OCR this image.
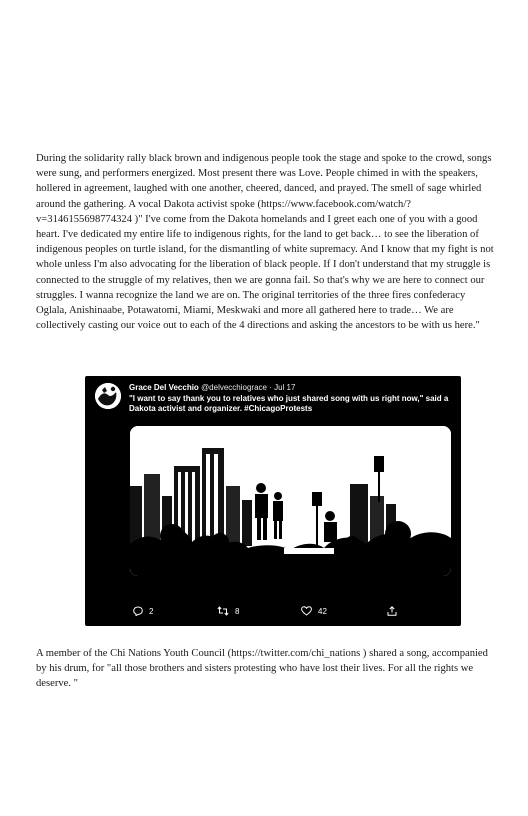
During the solidarity rally black brown and indigenous people took the stage and spoke to the crowd, songs were sung, and performers energized. Most present there was Love. People chimed in with the speakers, hollered in agreement, laughed with one another, cheered, danced, and prayed. The smell of sage whirled around the gathering. A vocal Dakota activist spoke (https://www.facebook.com/watch/?v=3146155698774324 )" I've come from the Dakota homelands and I greet each one of you with a good heart. I've dedicated my entire life to indigenous rights, for the land to get back… to see the liberation of indigenous peoples on turtle island, for the dismantling of white supremacy. And I know that my fight is not whole unless I'm also advocating for the liberation of black people. If I don't understand that my struggle is connected to the struggle of my relatives, then we are gonna fail. So that's why we are here to connect our struggles. I wanna recognize the land we are on. The original territories of the three fires confederacy Oglala, Anishinaabe, Potawatomi, Miami, Meskwaki and more all gathered here to trade… We are collectively casting our voice out to each of the 4 directions and asking the ancestors to be with us here."

Grace Del Vecchio @delvecchiograce · Jul 17
"I want to say thank you to relatives who just shared song with us right now," said a Dakota activist and organizer. #ChicagoProtests
2	8	42

A member of the Chi Nations Youth Council (https://twitter.com/chi_nations ) shared a song, accompanied by his drum, for "all those brothers and sisters protesting who have lost their lives. For all the rights we deserve. "
